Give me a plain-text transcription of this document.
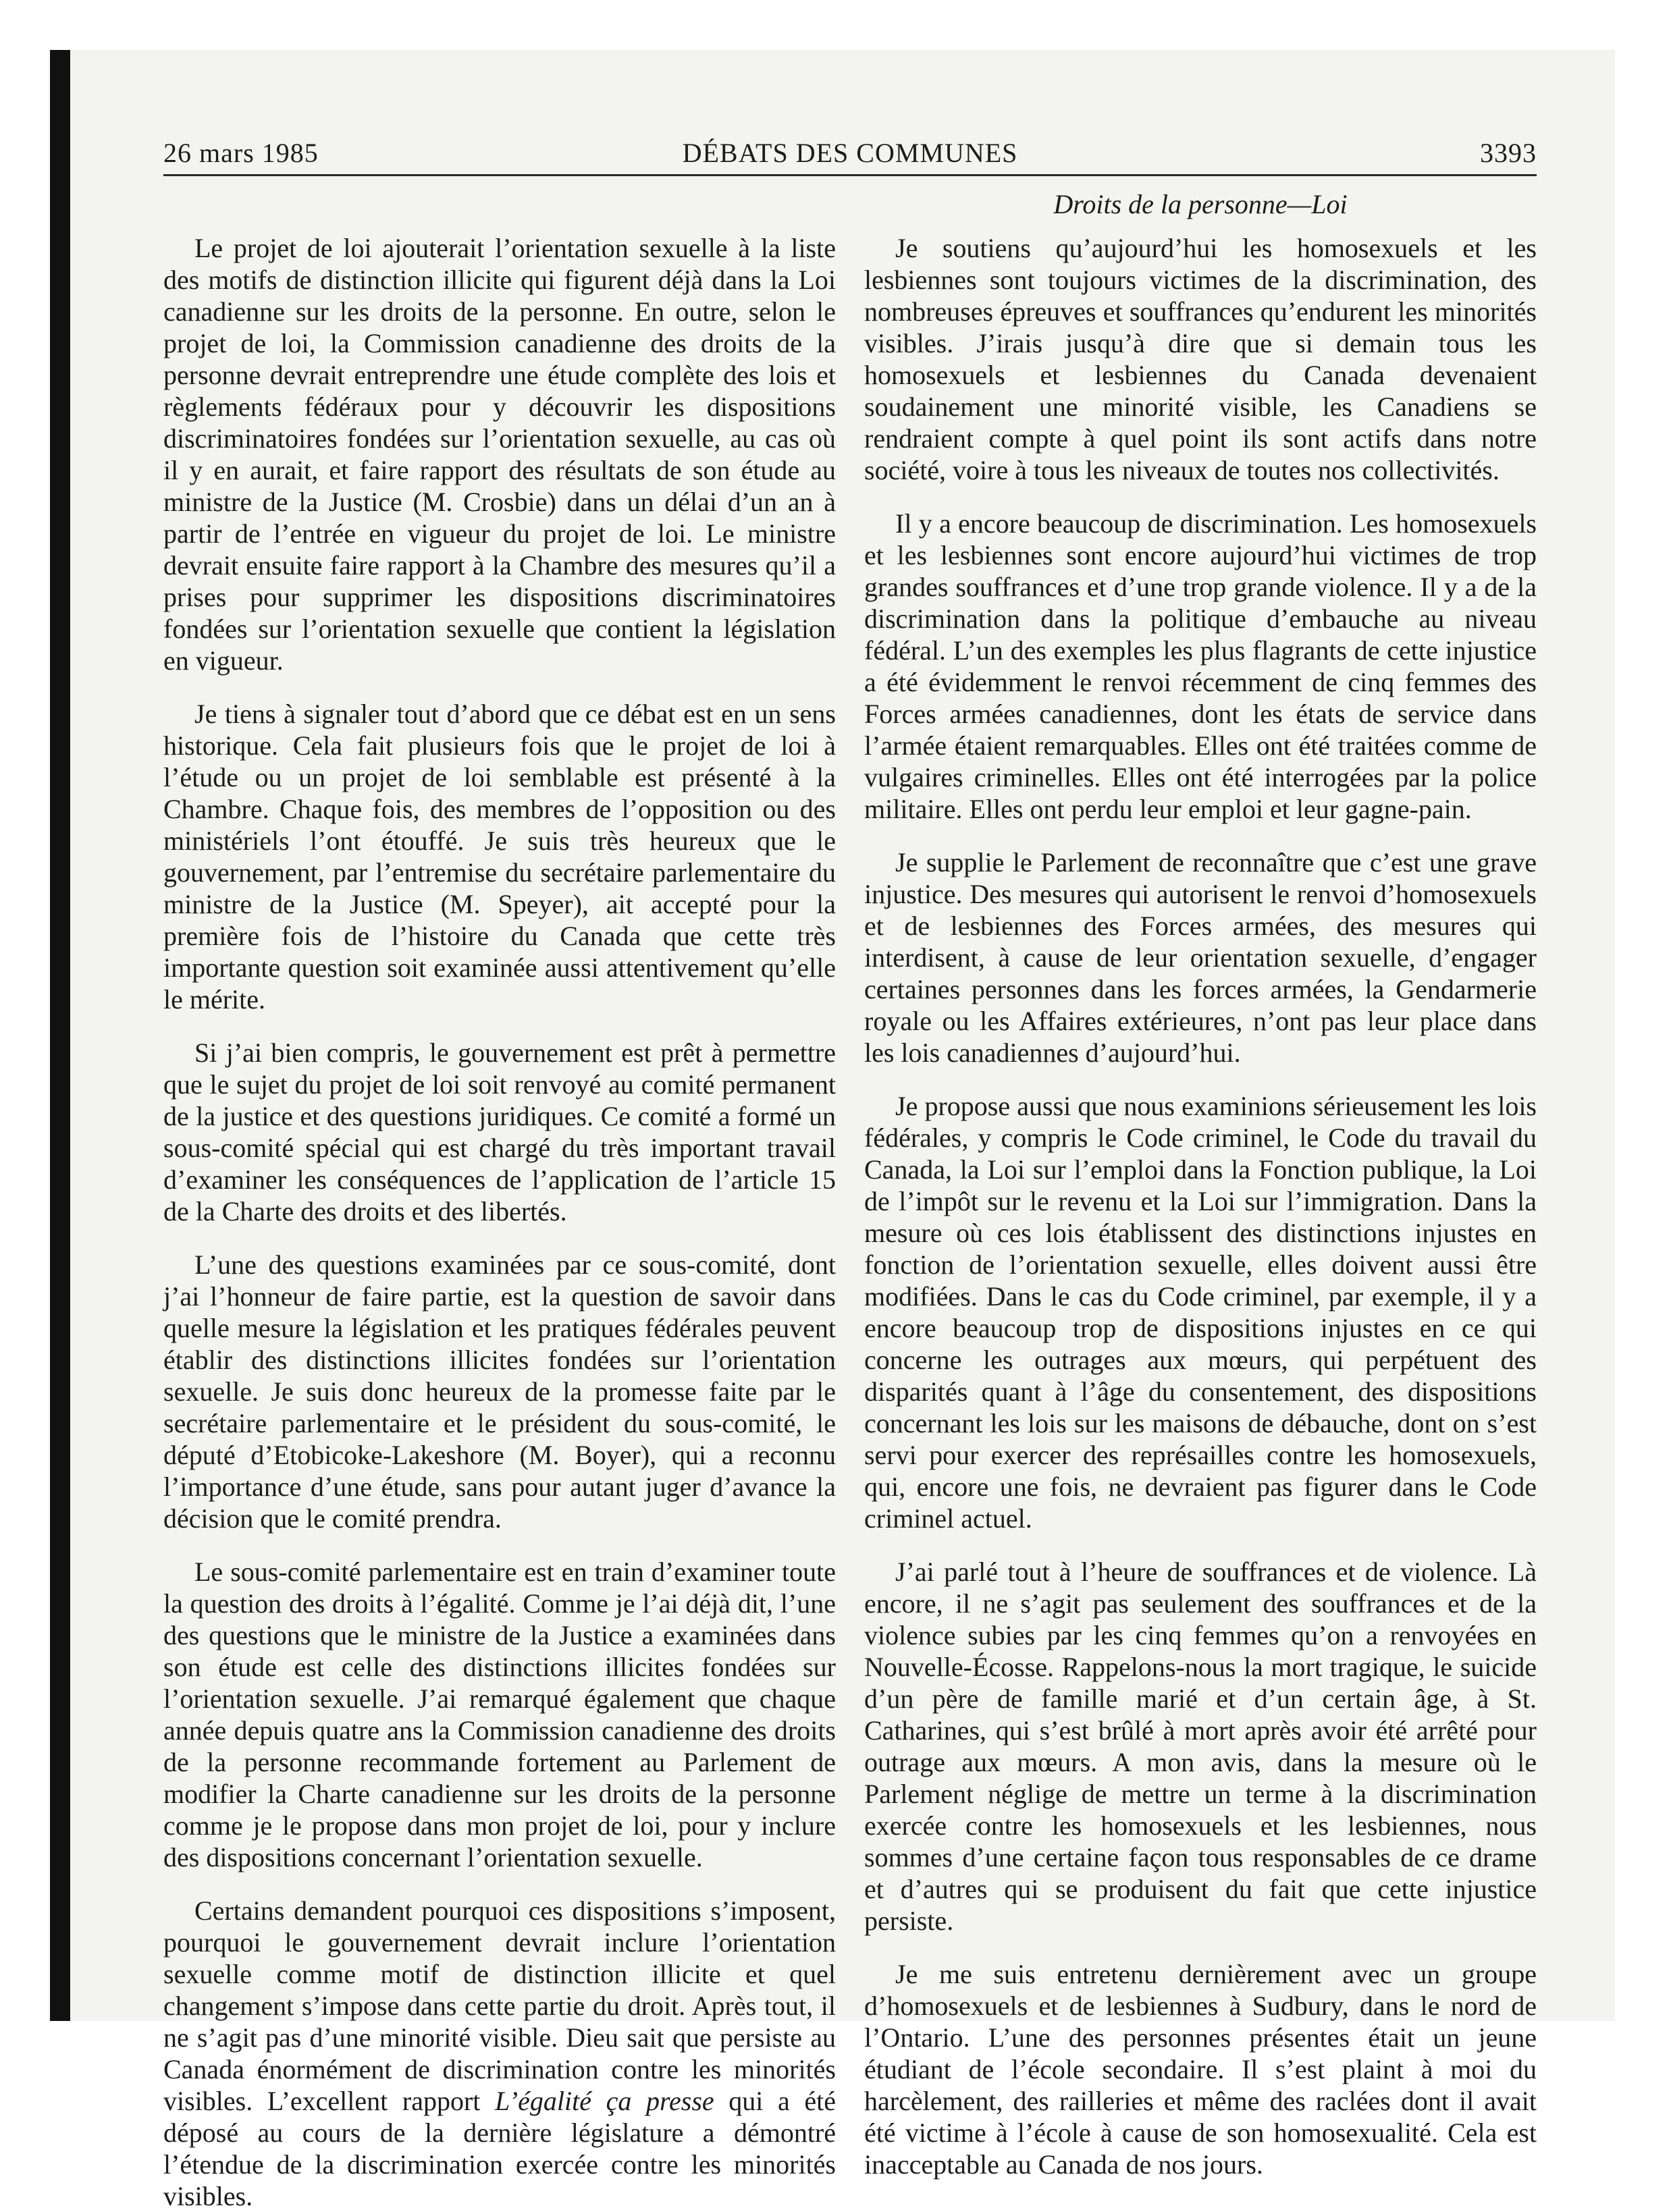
DÉBATS DES COMMUNES
26 mars 1985	3393
Droits de la personne—Loi

Le projet de loi ajouterait l’orientation sexuelle à la liste des motifs de distinction illicite qui figurent déjà dans la Loi canadienne sur les droits de la personne. En outre, selon le projet de loi, la Commission canadienne des droits de la personne devrait entreprendre une étude complète des lois et règlements fédéraux pour y découvrir les dispositions discriminatoires fondées sur l’orientation sexuelle, au cas où il y en aurait, et faire rapport des résultats de son étude au ministre de la Justice (M. Crosbie) dans un délai d’un an à partir de l’entrée en vigueur du projet de loi. Le ministre devrait ensuite faire rapport à la Chambre des mesures qu’il a prises pour supprimer les dispositions discriminatoires fondées sur l’orientation sexuelle que contient la législation en vigueur.

Je tiens à signaler tout d’abord que ce débat est en un sens historique. Cela fait plusieurs fois que le projet de loi à l’étude ou un projet de loi semblable est présenté à la Chambre. Chaque fois, des membres de l’opposition ou des ministériels l’ont étouffé. Je suis très heureux que le gouvernement, par l’entremise du secrétaire parlementaire du ministre de la Justice (M. Speyer), ait accepté pour la première fois de l’histoire du Canada que cette très importante question soit examinée aussi attentivement qu’elle le mérite.

Si j’ai bien compris, le gouvernement est prêt à permettre que le sujet du projet de loi soit renvoyé au comité permanent de la justice et des questions juridiques. Ce comité a formé un sous-comité spécial qui est chargé du très important travail d’examiner les conséquences de l’application de l’article 15 de la Charte des droits et des libertés.

L’une des questions examinées par ce sous-comité, dont j’ai l’honneur de faire partie, est la question de savoir dans quelle mesure la législation et les pratiques fédérales peuvent établir des distinctions illicites fondées sur l’orientation sexuelle. Je suis donc heureux de la promesse faite par le secrétaire parlementaire et le président du sous-comité, le député d’Etobicoke-Lakeshore (M. Boyer), qui a reconnu l’importance d’une étude, sans pour autant juger d’avance la décision que le comité prendra.

Le sous-comité parlementaire est en train d’examiner toute la question des droits à l’égalité. Comme je l’ai déjà dit, l’une des questions que le ministre de la Justice a examinées dans son étude est celle des distinctions illicites fondées sur l’orientation sexuelle. J’ai remarqué également que chaque année depuis quatre ans la Commission canadienne des droits de la personne recommande fortement au Parlement de modifier la Charte canadienne sur les droits de la personne comme je le propose dans mon projet de loi, pour y inclure des dispositions concernant l’orientation sexuelle.

Certains demandent pourquoi ces dispositions s’imposent, pourquoi le gouvernement devrait inclure l’orientation sexuelle comme motif de distinction illicite et quel changement s’impose dans cette partie du droit. Après tout, il ne s’agit pas d’une minorité visible. Dieu sait que persiste au Canada énormément de discrimination contre les minorités visibles. L’excellent rapport L’égalité ça presse qui a été déposé au cours de la dernière législature a démontré l’étendue de la discrimination exercée contre les minorités visibles.

Je soutiens qu’aujourd’hui les homosexuels et les lesbiennes sont toujours victimes de la discrimination, des nombreuses épreuves et souffrances qu’endurent les minorités visibles. J’irais jusqu’à dire que si demain tous les homosexuels et lesbiennes du Canada devenaient soudainement une minorité visible, les Canadiens se rendraient compte à quel point ils sont actifs dans notre société, voire à tous les niveaux de toutes nos collectivités.

Il y a encore beaucoup de discrimination. Les homosexuels et les lesbiennes sont encore aujourd’hui victimes de trop grandes souffrances et d’une trop grande violence. Il y a de la discrimination dans la politique d’embauche au niveau fédéral. L’un des exemples les plus flagrants de cette injustice a été évidemment le renvoi récemment de cinq femmes des Forces armées canadiennes, dont les états de service dans l’armée étaient remarquables. Elles ont été traitées comme de vulgaires criminelles. Elles ont été interrogées par la police militaire. Elles ont perdu leur emploi et leur gagne-pain.

Je supplie le Parlement de reconnaître que c’est une grave injustice. Des mesures qui autorisent le renvoi d’homosexuels et de lesbiennes des Forces armées, des mesures qui interdisent, à cause de leur orientation sexuelle, d’engager certaines personnes dans les forces armées, la Gendarmerie royale ou les Affaires extérieures, n’ont pas leur place dans les lois canadiennes d’aujourd’hui.

Je propose aussi que nous examinions sérieusement les lois fédérales, y compris le Code criminel, le Code du travail du Canada, la Loi sur l’emploi dans la Fonction publique, la Loi de l’impôt sur le revenu et la Loi sur l’immigration. Dans la mesure où ces lois établissent des distinctions injustes en fonction de l’orientation sexuelle, elles doivent aussi être modifiées. Dans le cas du Code criminel, par exemple, il y a encore beaucoup trop de dispositions injustes en ce qui concerne les outrages aux mœurs, qui perpétuent des disparités quant à l’âge du consentement, des dispositions concernant les lois sur les maisons de débauche, dont on s’est servi pour exercer des représailles contre les homosexuels, qui, encore une fois, ne devraient pas figurer dans le Code criminel actuel.

J’ai parlé tout à l’heure de souffrances et de violence. Là encore, il ne s’agit pas seulement des souffrances et de la violence subies par les cinq femmes qu’on a renvoyées en Nouvelle-Écosse. Rappelons-nous la mort tragique, le suicide d’un père de famille marié et d’un certain âge, à St. Catharines, qui s’est brûlé à mort après avoir été arrêté pour outrage aux mœurs. A mon avis, dans la mesure où le Parlement néglige de mettre un terme à la discrimination exercée contre les homosexuels et les lesbiennes, nous sommes d’une certaine façon tous responsables de ce drame et d’autres qui se produisent du fait que cette injustice persiste.

Je me suis entretenu dernièrement avec un groupe d’homosexuels et de lesbiennes à Sudbury, dans le nord de l’Ontario. L’une des personnes présentes était un jeune étudiant de l’école secondaire. Il s’est plaint à moi du harcèlement, des railleries et même des raclées dont il avait été victime à l’école à cause de son homosexualité. Cela est inacceptable au Canada de nos jours.
